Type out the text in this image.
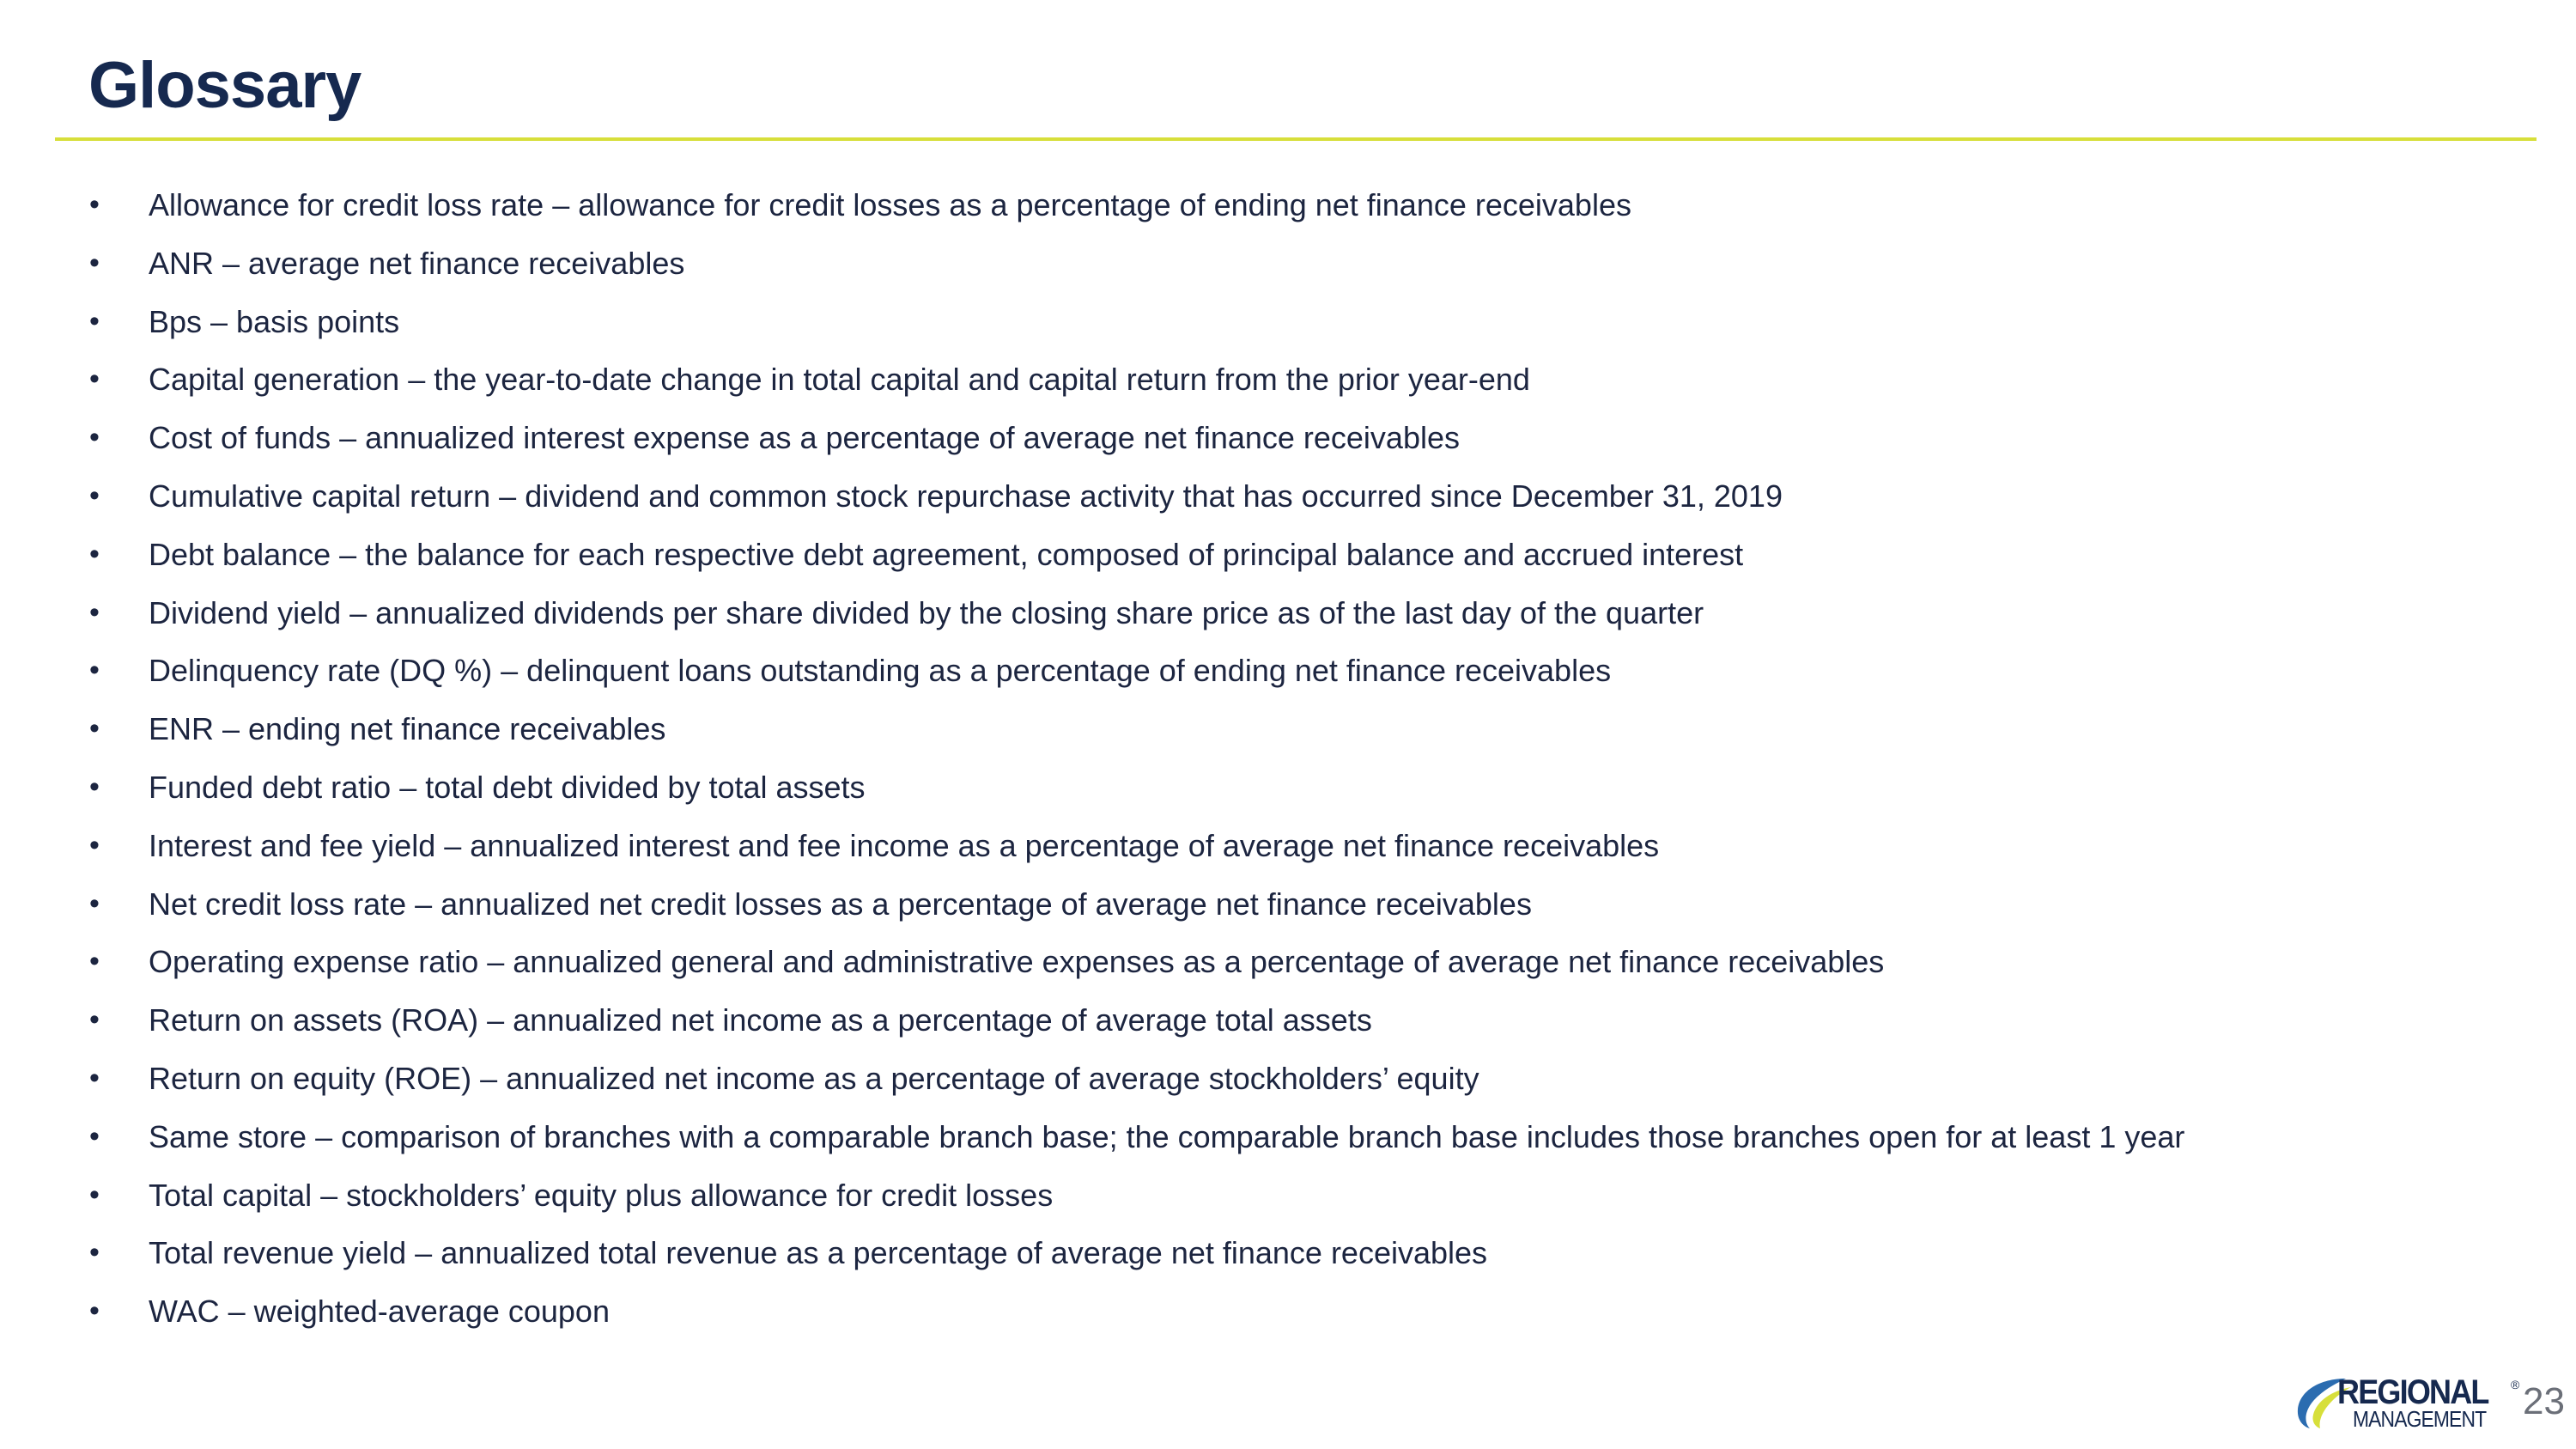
Glossary
• Allowance for credit loss rate – allowance for credit losses as a percentage of ending net finance receivables
• ANR – average net finance receivables
• Bps – basis points
• Capital generation – the year-to-date change in total capital and capital return from the prior year-end
• Cost of funds – annualized interest expense as a percentage of average net finance receivables
• Cumulative capital return – dividend and common stock repurchase activity that has occurred since December 31, 2019
• Debt balance – the balance for each respective debt agreement, composed of principal balance and accrued interest
• Dividend yield – annualized dividends per share divided by the closing share price as of the last day of the quarter
• Delinquency rate (DQ %) – delinquent loans outstanding as a percentage of ending net finance receivables
• ENR – ending net finance receivables
• Funded debt ratio – total debt divided by total assets
• Interest and fee yield – annualized interest and fee income as a percentage of average net finance receivables
• Net credit loss rate – annualized net credit losses as a percentage of average net finance receivables
• Operating expense ratio – annualized general and administrative expenses as a percentage of average net finance receivables
• Return on assets (ROA) – annualized net income as a percentage of average total assets
• Return on equity (ROE) – annualized net income as a percentage of average stockholders’ equity
• Same store – comparison of branches with a comparable branch base; the comparable branch base includes those branches open for at least 1 year
• Total capital – stockholders’ equity plus allowance for credit losses
• Total revenue yield – annualized total revenue as a percentage of average net finance receivables
• WAC – weighted-average coupon
REGIONAL ®
MANAGEMENT 23
